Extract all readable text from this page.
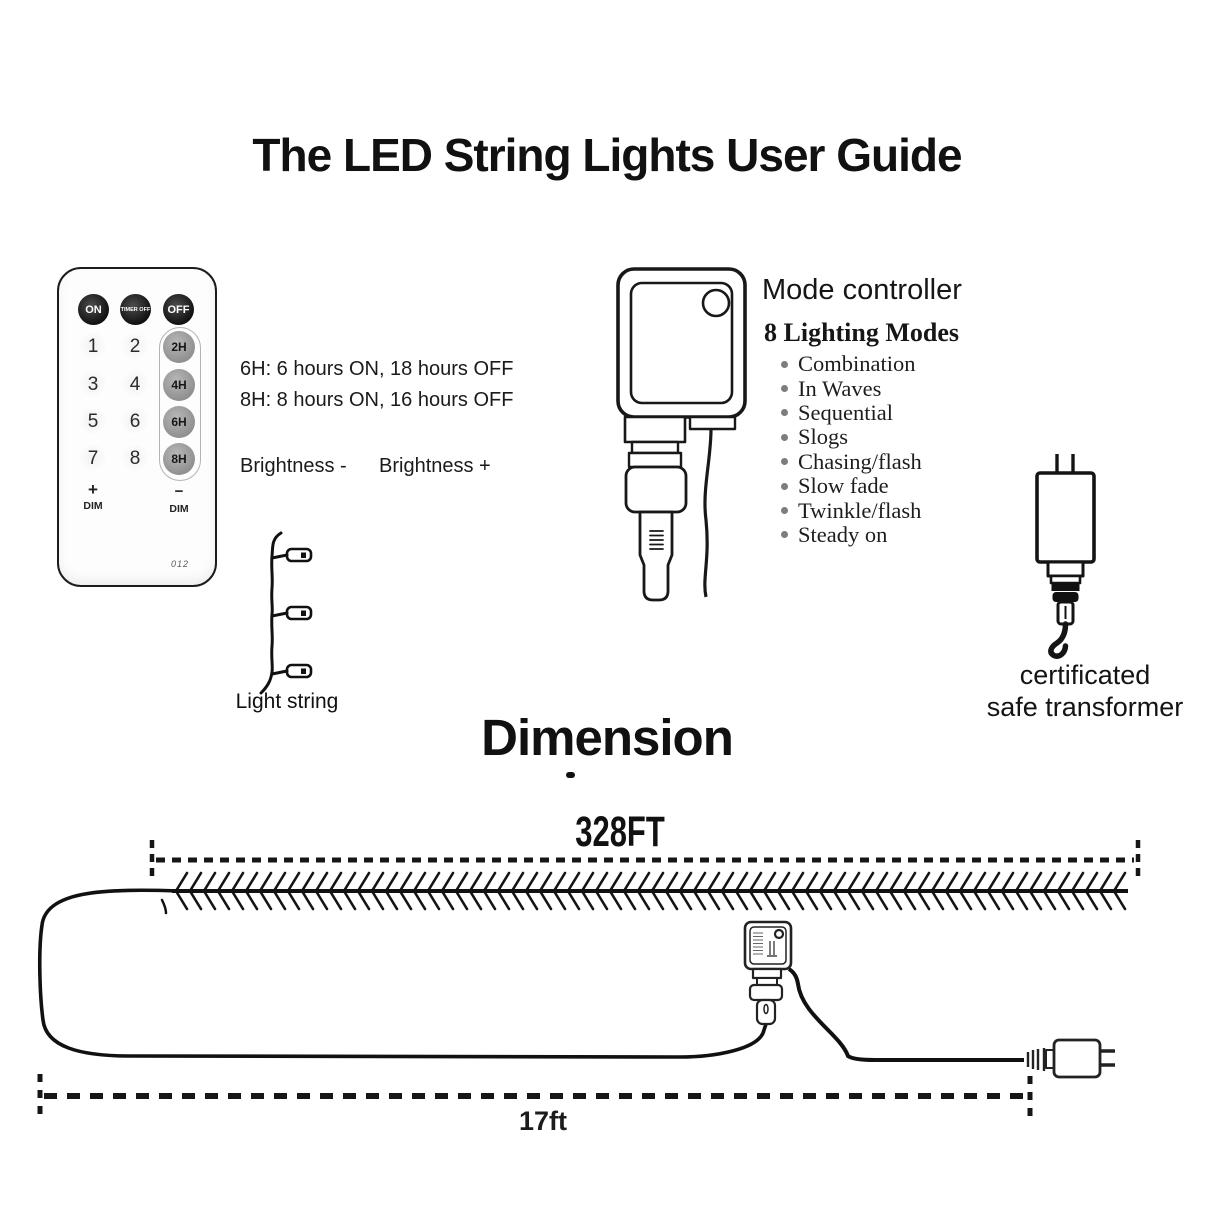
The LED String Lights User Guide
ON	TIMER OFF	OFF
1	2
3	4
5	6
7	8
2H
4H
6H
8H
+
DIM
−
DIM
012
6H: 6 hours ON, 18 hours OFF
8H: 8 hours ON, 16 hours OFF
Brightness - Brightness +
Light string
Mode controller
8 Lighting Modes
Combination
In Waves
Sequential
Slogs
Chasing/flash
Slow fade
Twinkle/flash
Steady on
certificated
safe transformer
Dimension
328FT
17ft
